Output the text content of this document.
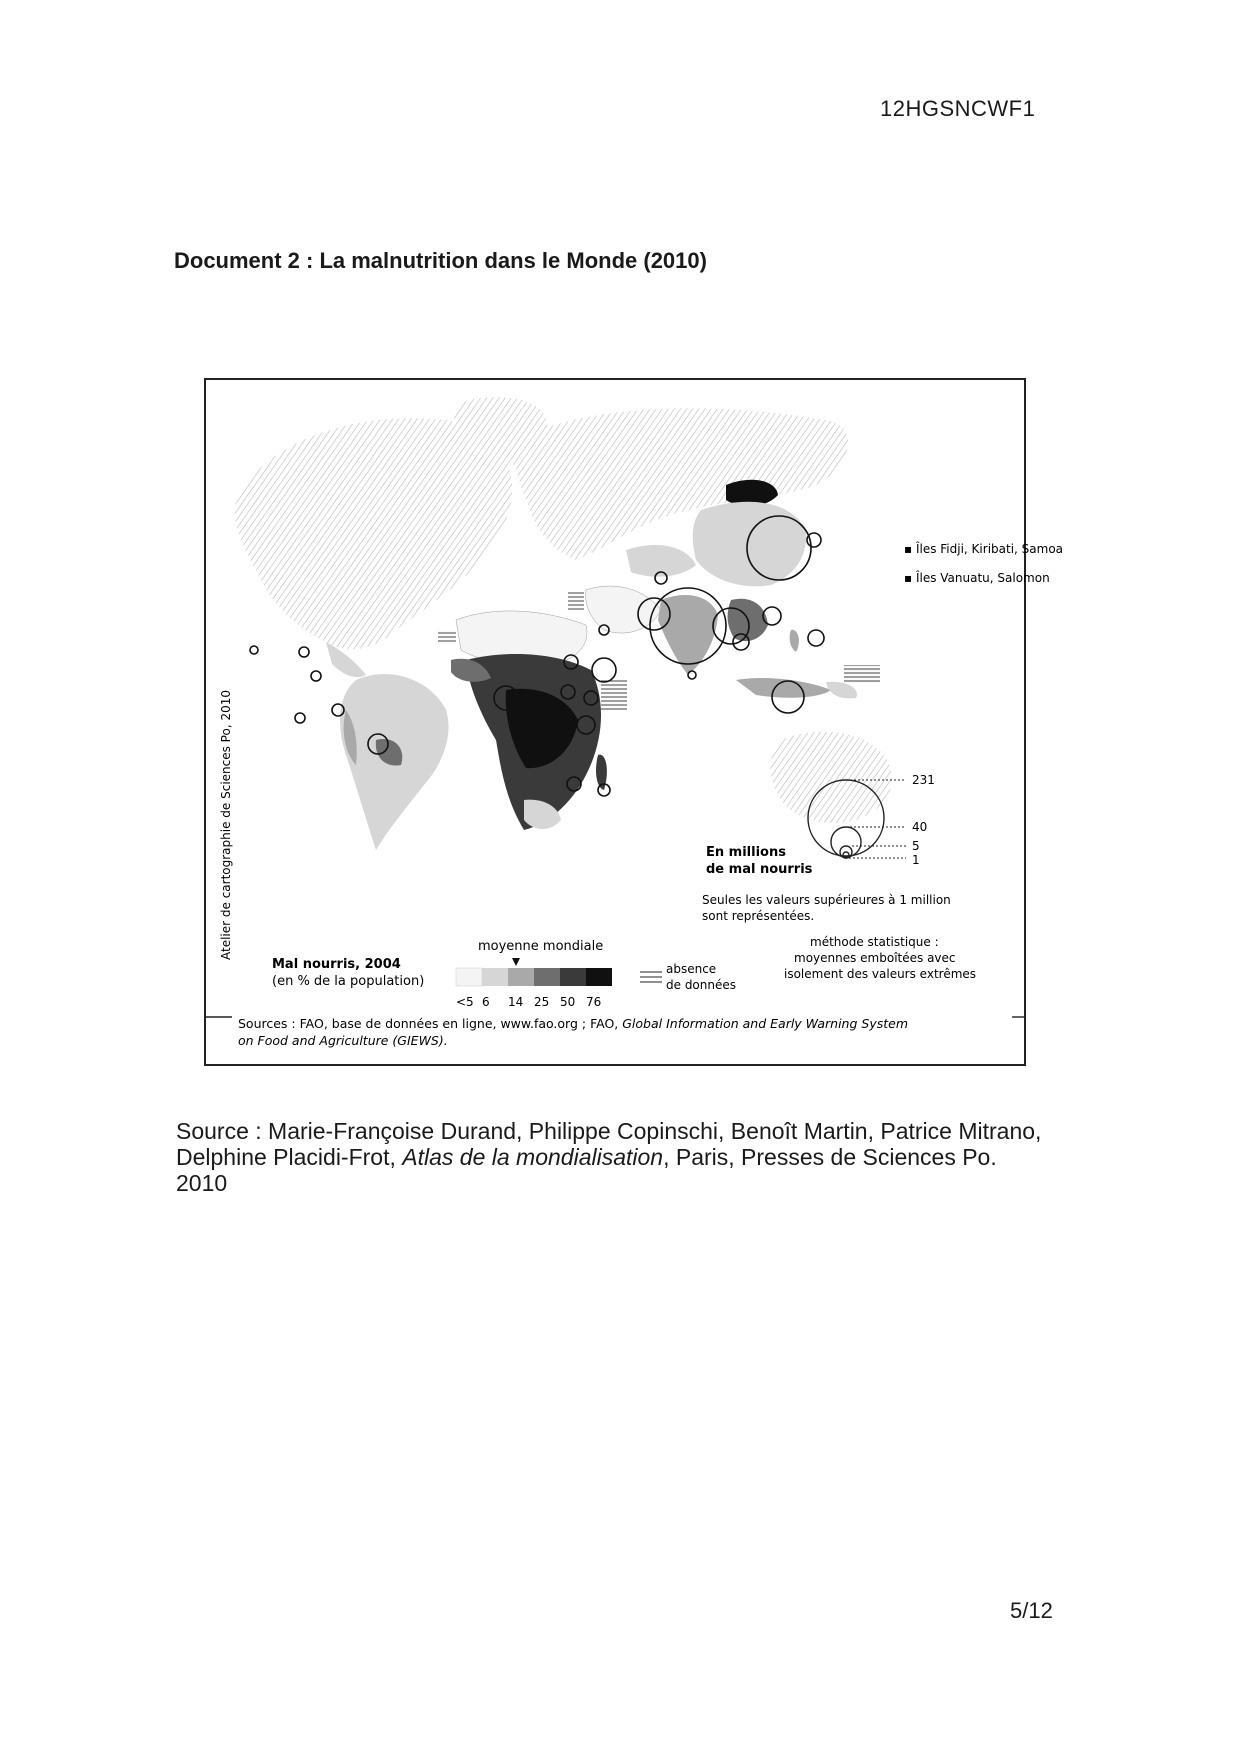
12HGSNCWF1
Document 2 : La malnutrition dans le Monde (2010)
▪ Îles Fidji, Kiribati, Samoa
▪ Îles Vanuatu, Salomon
Atelier de cartographie de Sciences Po, 2010	231
40
5
1
En millions
de mal nourris
Seules les valeurs supérieures à 1 million
sont représentées.
méthode statistique :
moyennes emboîtées avec
isolement des valeurs extrêmes
Mal nourris, 2004
(en % de la population)
moyenne mondiale
<5 6 14 25 50 76
absence
de données
Sources : FAO, base de données en ligne, www.fao.org ; FAO, Global Information and Early Warning System
on Food and Agriculture (GIEWS).
Source : Marie-Françoise Durand, Philippe Copinschi, Benoît Martin, Patrice Mitrano,
Delphine Placidi-Frot, Atlas de la mondialisation, Paris, Presses de Sciences Po.
2010
5/12
